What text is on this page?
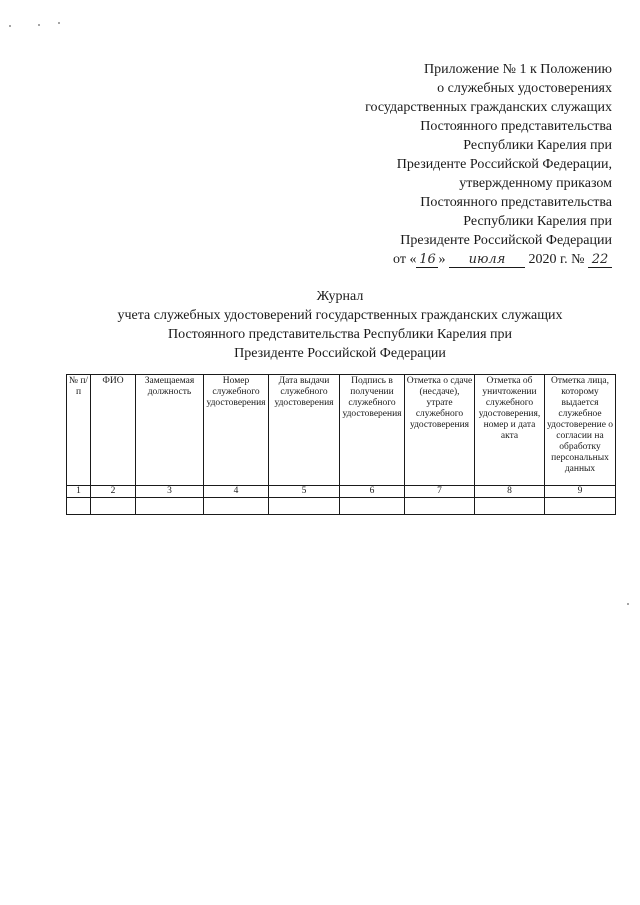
Приложение № 1 к Положению
о служебных удостоверениях
государственных гражданских служащих
Постоянного представительства
Республики Карелия при
Президенте Российской Федерации,
утвержденному приказом
Постоянного представительства
Республики Карелия при
Президенте Российской Федерации
от « 16 » июля 2020 г. № 22
Журнал
учета служебных удостоверений государственных гражданских служащих
Постоянного представительства Республики Карелия при
Президенте Российской Федерации
№ п/п	ФИО	Замещаемая должность	Номер служебного удостоверения	Дата выдачи служебного удостоверения	Подпись в получении служебного удостоверения	Отметка о сдаче (несдаче), утрате служебного удостоверения	Отметка об уничтожении служебного удостоверения, номер и дата акта	Отметка лица, которому выдается служебное удостоверение о согласии на обработку персональных данных
1	2	3	4	5	6	7	8	9
